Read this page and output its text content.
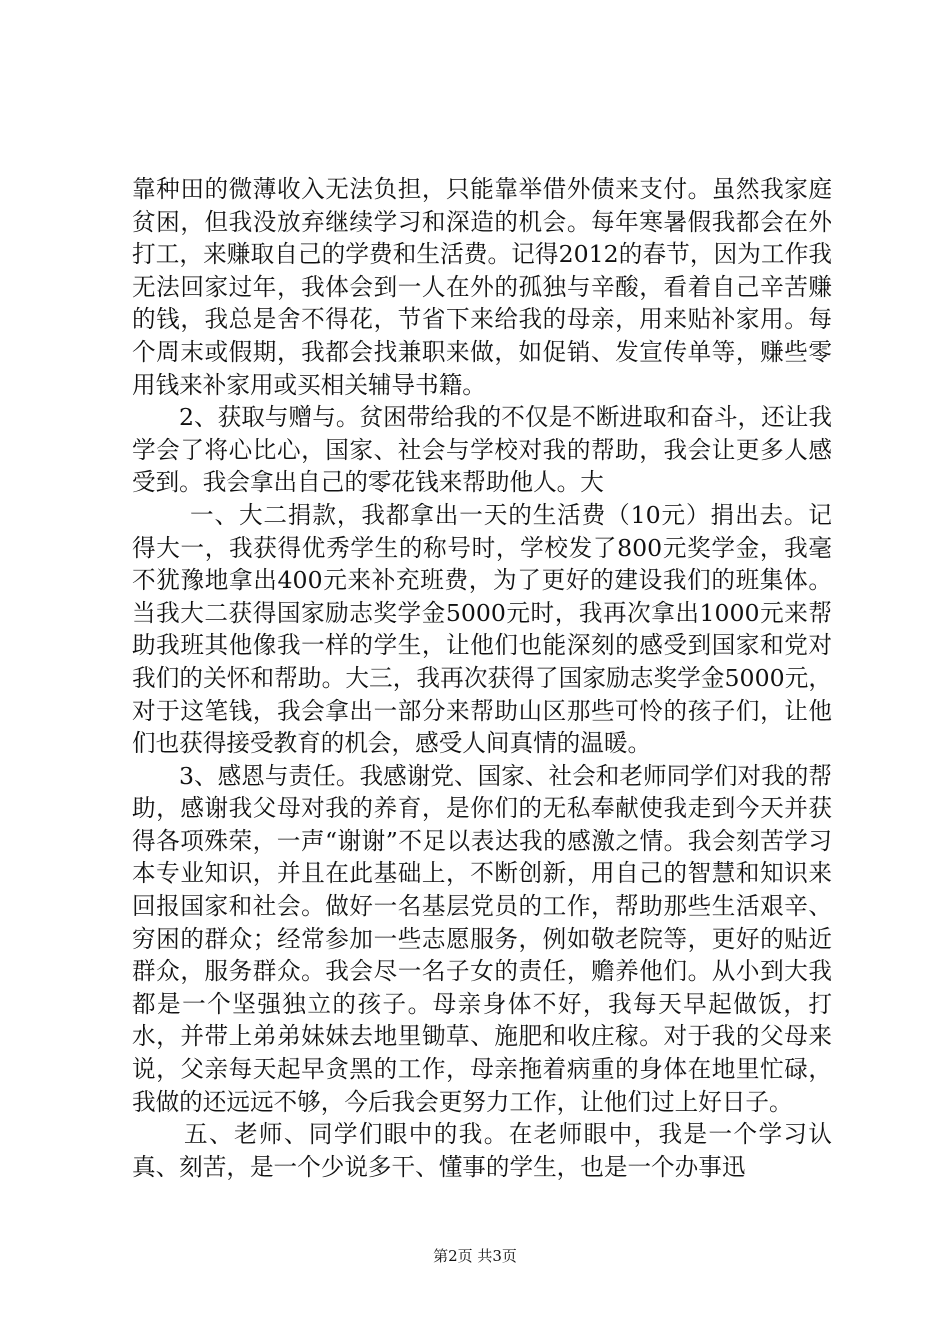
靠种田的微薄收入无法负担，只能靠举借外债来支付。虽然我家庭贫困，但我没放弃继续学习和深造的机会。每年寒暑假我都会在外打工，来赚取自己的学费和生活费。记得2012的春节，因为工作我无法回家过年，我体会到一人在外的孤独与辛酸，看着自己辛苦赚的钱，我总是舍不得花，节省下来给我的母亲，用来贴补家用。每个周末或假期，我都会找兼职来做，如促销、发宣传单等，赚些零用钱来补家用或买相关辅导书籍。

2、获取与赠与。贫困带给我的不仅是不断进取和奋斗，还让我学会了将心比心，国家、社会与学校对我的帮助，我会让更多人感受到。我会拿出自己的零花钱来帮助他人。大

一、大二捐款，我都拿出一天的生活费（10元）捐出去。记得大一，我获得优秀学生的称号时，学校发了800元奖学金，我毫不犹豫地拿出400元来补充班费，为了更好的建设我们的班集体。当我大二获得国家励志奖学金5000元时，我再次拿出1000元来帮助我班其他像我一样的学生，让他们也能深刻的感受到国家和党对我们的关怀和帮助。大三，我再次获得了国家励志奖学金5000元，对于这笔钱，我会拿出一部分来帮助山区那些可怜的孩子们，让他们也获得接受教育的机会，感受人间真情的温暖。

3、感恩与责任。我感谢党、国家、社会和老师同学们对我的帮助，感谢我父母对我的养育，是你们的无私奉献使我走到今天并获得各项殊荣，一声“谢谢”不足以表达我的感激之情。我会刻苦学习本专业知识，并且在此基础上，不断创新，用自己的智慧和知识来回报国家和社会。做好一名基层党员的工作，帮助那些生活艰辛、穷困的群众；经常参加一些志愿服务，例如敬老院等，更好的贴近群众，服务群众。我会尽一名子女的责任，赡养他们。从小到大我都是一个坚强独立的孩子。母亲身体不好，我每天早起做饭，打水，并带上弟弟妹妹去地里锄草、施肥和收庄稼。对于我的父母来说，父亲每天起早贪黑的工作，母亲拖着病重的身体在地里忙碌，我做的还远远不够，今后我会更努力工作，让他们过上好日子。

五、老师、同学们眼中的我。在老师眼中，我是一个学习认真、刻苦，是一个少说多干、懂事的学生，也是一个办事迅

第2页 共3页
